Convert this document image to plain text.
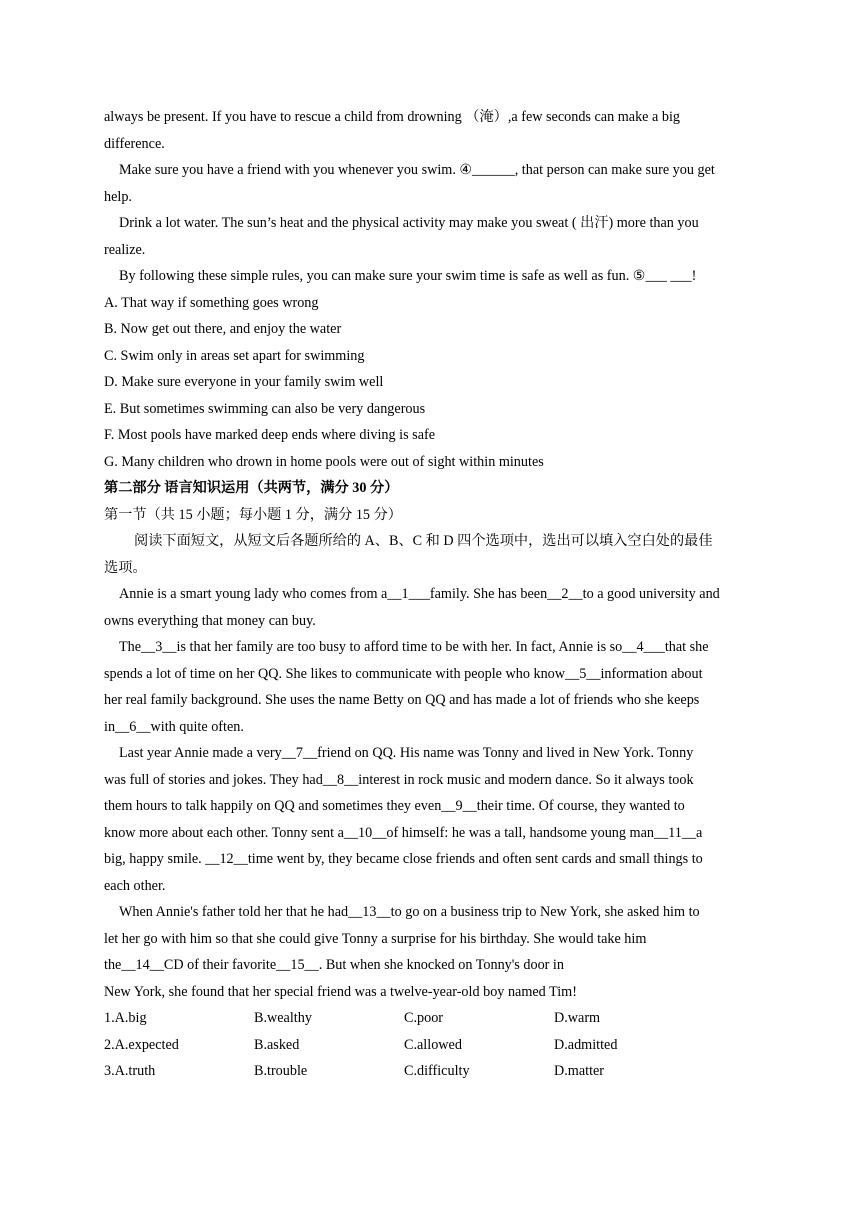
always be present. If you have to rescue a child from drowning （淹）,a few seconds can make a big
difference.
Make sure you have a friend with you whenever you swim. ④______, that person can make sure you get
help.
Drink a lot water. The sun’s heat and the physical activity may make you sweat ( 出汗) more than you
realize.
By following these simple rules, you can make sure your swim time is safe as well as fun. ⑤___ ___!
A. That way if something goes wrong
B. Now get out there, and enjoy the water
C. Swim only in areas set apart for swimming
D. Make sure everyone in your family swim well
E. But sometimes swimming can also be very dangerous
F. Most pools have marked deep ends where diving is safe
G. Many children who drown in home pools were out of sight within minutes
第二部分 语言知识运用（共两节，满分 30 分）
第一节（共 15 小题；每小题 1 分，满分 15 分）
阅读下面短文，从短文后各题所给的 A、B、C 和 D 四个选项中，选出可以填入空白处的最佳
选项。
Annie is a smart young lady who comes from a__1___family. She has been__2__to a good university and
owns everything that money can buy.
The__3__is that her family are too busy to afford time to be with her. In fact, Annie is so__4___that she
spends a lot of time on her QQ. She likes to communicate with people who know__5__information about
her real family background. She uses the name Betty on QQ and has made a lot of friends who she keeps
in__6__with quite often.
Last year Annie made a very__7__friend on QQ. His name was Tonny and lived in New York. Tonny
was full of stories and jokes. They had__8__interest in rock music and modern dance. So it always took
them hours to talk happily on QQ and sometimes they even__9__their time. Of course, they wanted to
know more about each other. Tonny sent a__10__of himself: he was a tall, handsome young man__11__a
big, happy smile. __12__time went by, they became close friends and often sent cards and small things to
each other.
When Annie's father told her that he had__13__to go on a business trip to New York, she asked him to
let her go with him so that she could give Tonny a surprise for his birthday. She would take him
the__14__CD of their favorite__15__. But when she knocked on Tonny's door in
New York, she found that her special friend was a twelve-year-old boy named Tim!
1.A.big	B.wealthy	C.poor	D.warm
2.A.expected	B.asked	C.allowed	D.admitted
3.A.truth	B.trouble	C.difficulty	D.matter
